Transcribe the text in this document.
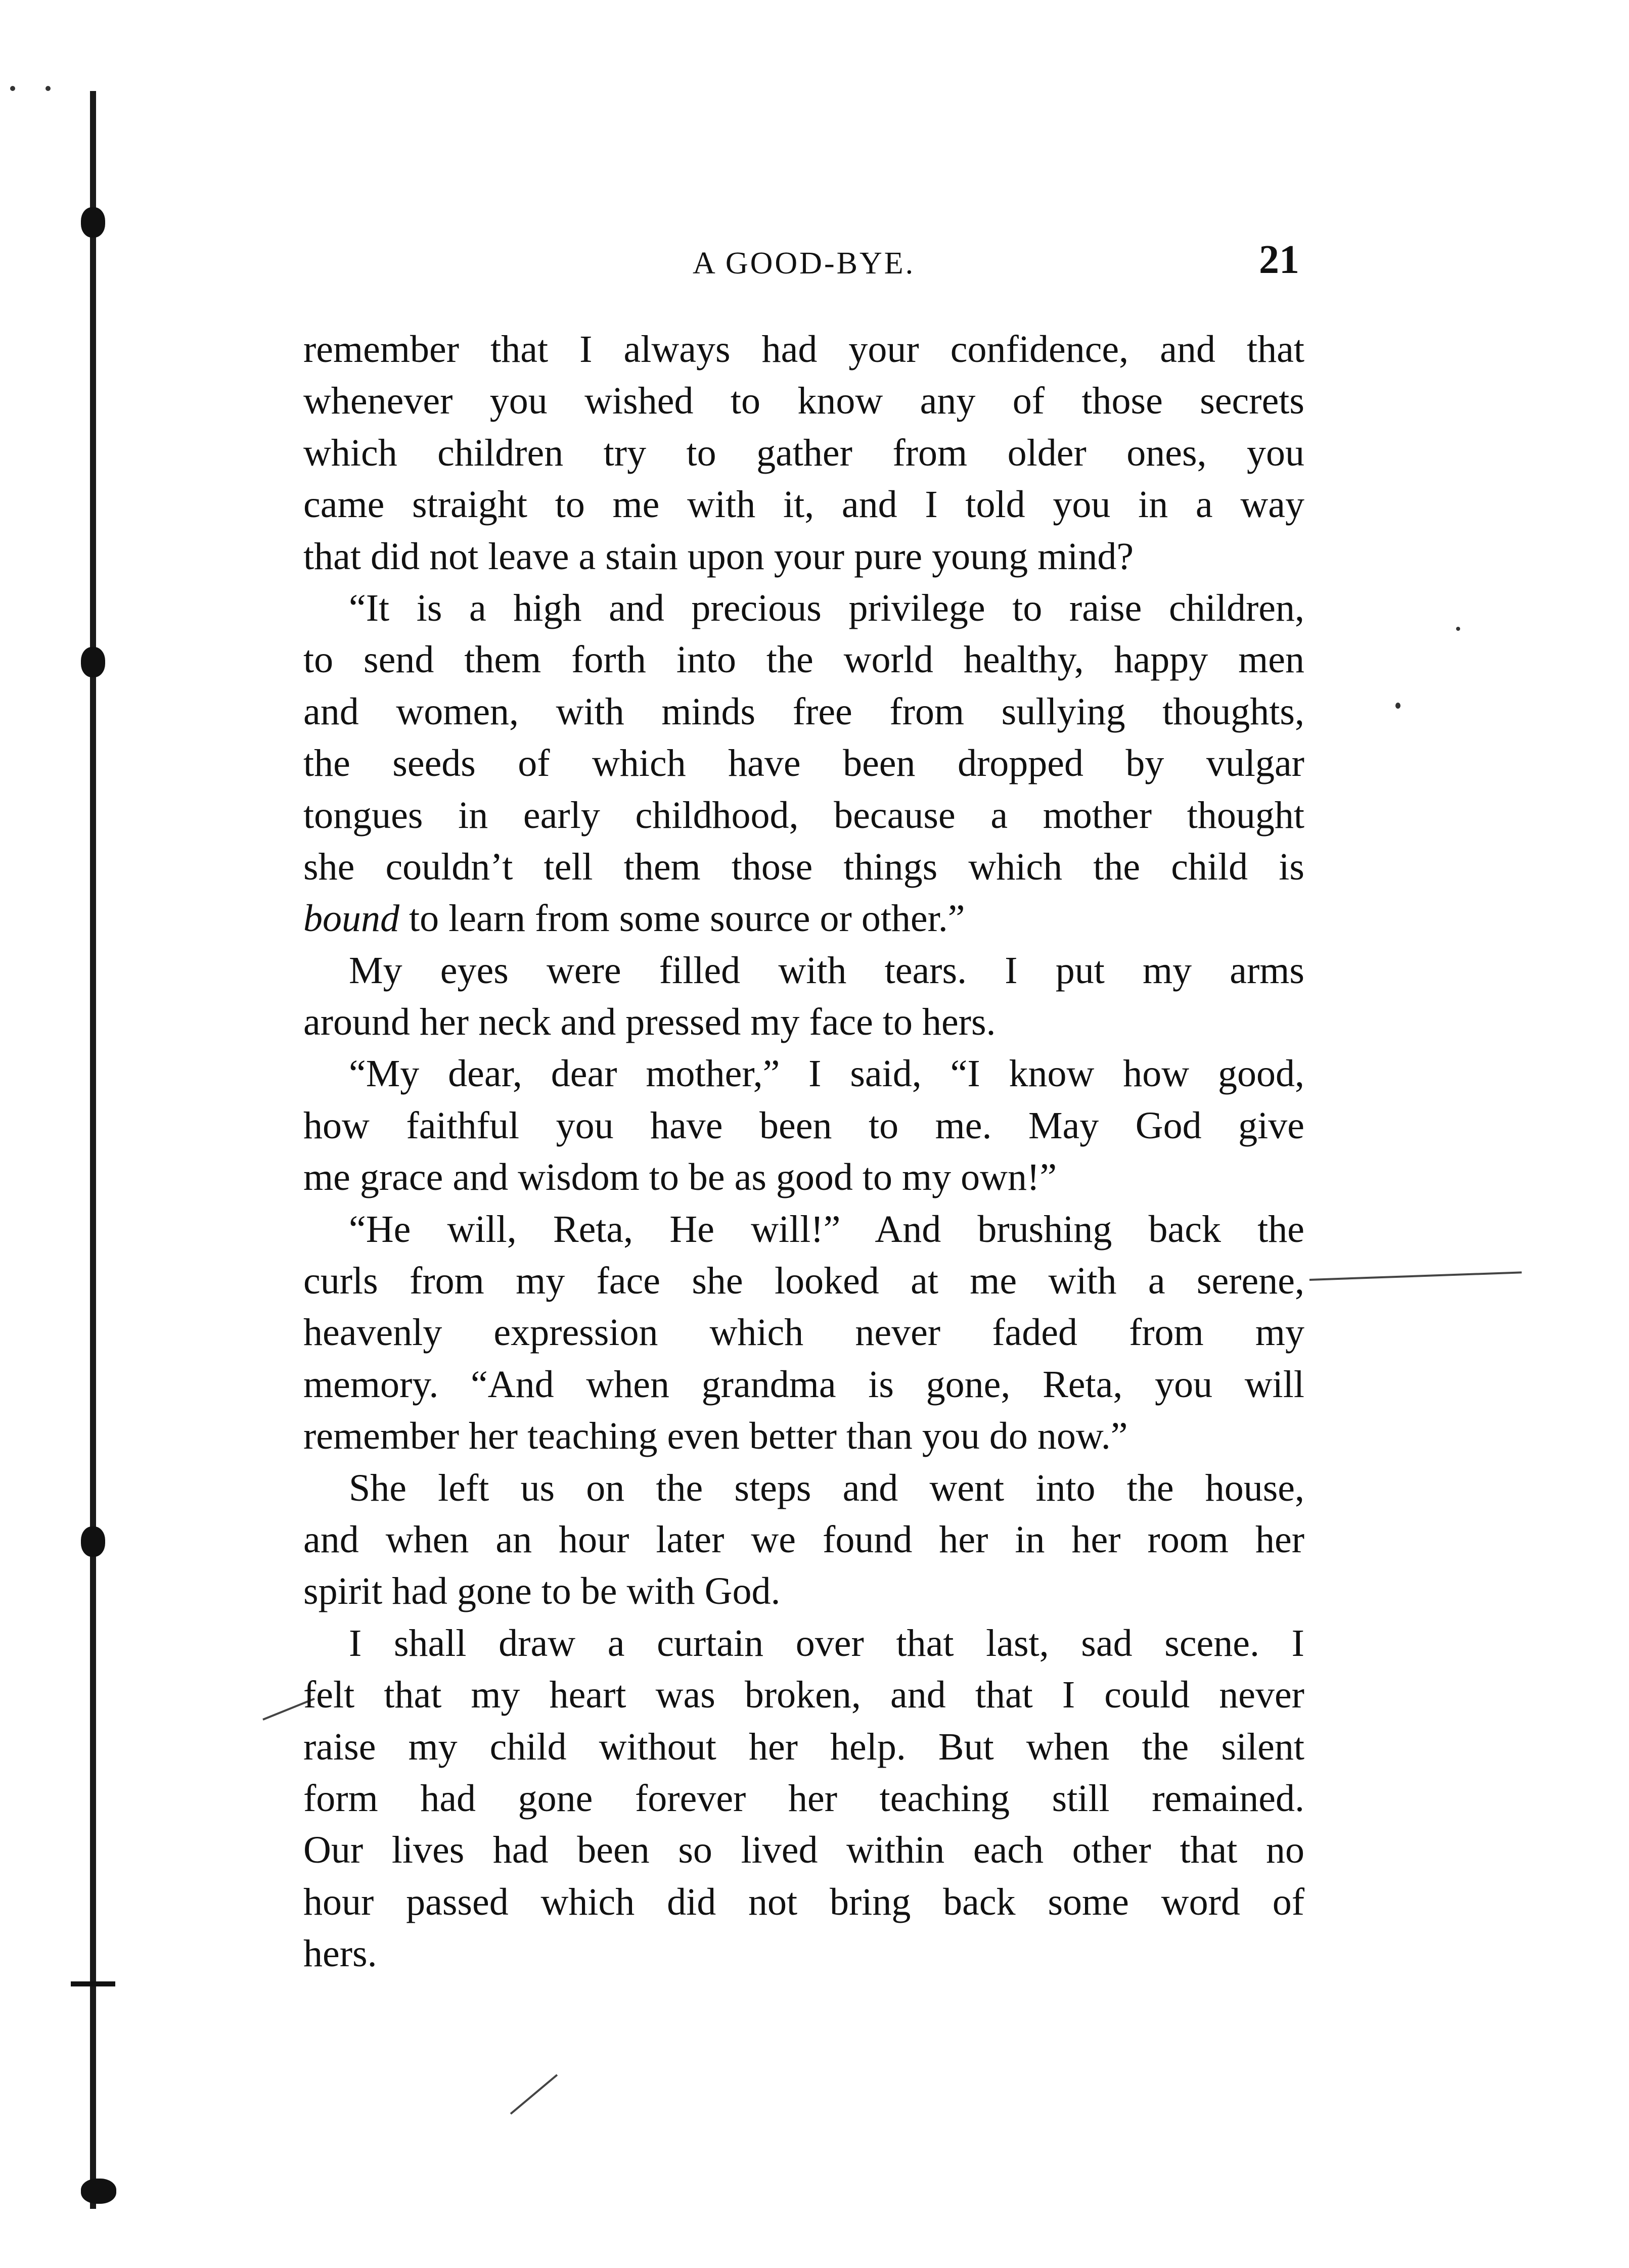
A GOOD-BYE.	21
remember that I always had your confidence, and that
whenever you wished to know any of those secrets
which children try to gather from older ones, you
came straight to me with it, and I told you in a way
that did not leave a stain upon your pure young mind?
“It is a high and precious privilege to raise children,
to send them forth into the world healthy, happy men
and women, with minds free from sullying thoughts,
the seeds of which have been dropped by vulgar
tongues in early childhood, because a mother thought
she couldn’t tell them those things which the child is
bound to learn from some source or other.”
My eyes were filled with tears. I put my arms
around her neck and pressed my face to hers.
“My dear, dear mother,” I said, “I know how good,
how faithful you have been to me. May God give
me grace and wisdom to be as good to my own!”
“He will, Reta, He will!” And brushing back the
curls from my face she looked at me with a serene,
heavenly expression which never faded from my
memory. “And when grandma is gone, Reta, you will
remember her teaching even better than you do now.”
She left us on the steps and went into the house,
and when an hour later we found her in her room her
spirit had gone to be with God.
I shall draw a curtain over that last, sad scene. I
felt that my heart was broken, and that I could never
raise my child without her help. But when the silent
form had gone forever her teaching still remained.
Our lives had been so lived within each other that no
hour passed which did not bring back some word of
hers.
